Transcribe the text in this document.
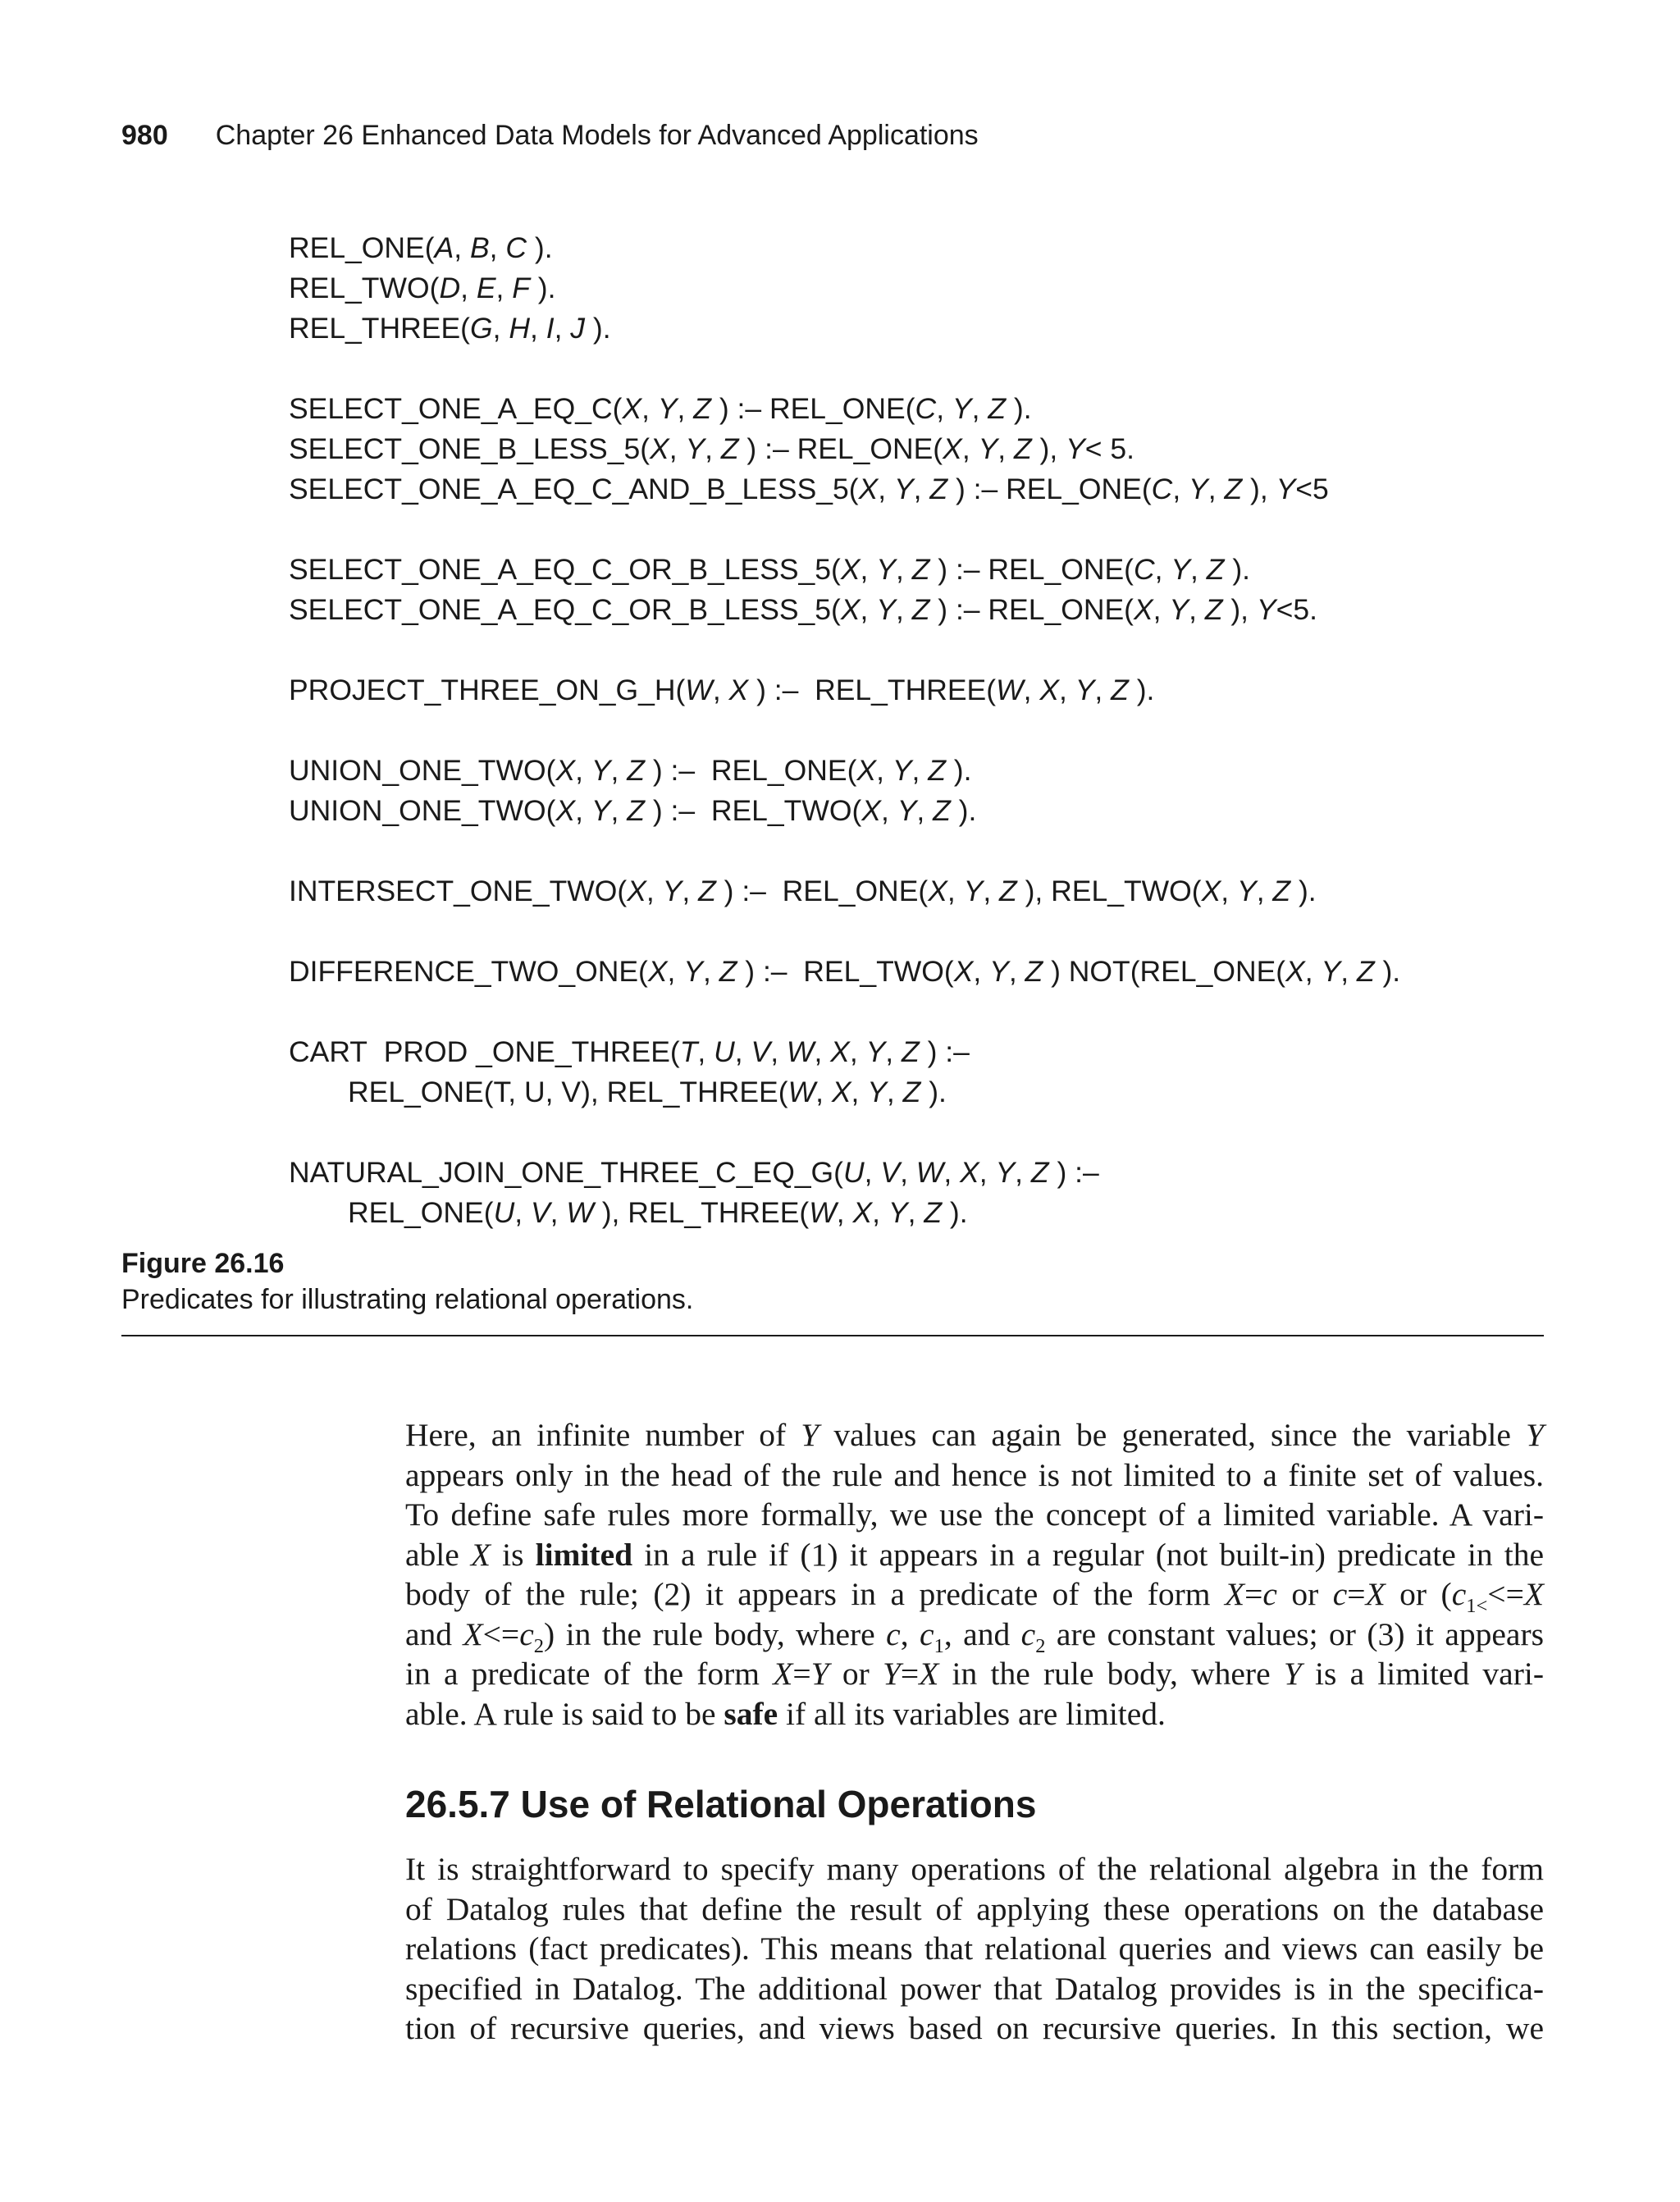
980 Chapter 26 Enhanced Data Models for Advanced Applications
REL_ONE(A, B, C ).
REL_TWO(D, E, F ).
REL_THREE(G, H, I, J ).
SELECT_ONE_A_EQ_C(X, Y, Z ) :– REL_ONE(C, Y, Z ).
SELECT_ONE_B_LESS_5(X, Y, Z ) :– REL_ONE(X, Y, Z ), Y< 5.
SELECT_ONE_A_EQ_C_AND_B_LESS_5(X, Y, Z ) :– REL_ONE(C, Y, Z ), Y<5
SELECT_ONE_A_EQ_C_OR_B_LESS_5(X, Y, Z ) :– REL_ONE(C, Y, Z ).
SELECT_ONE_A_EQ_C_OR_B_LESS_5(X, Y, Z ) :– REL_ONE(X, Y, Z ), Y<5.
PROJECT_THREE_ON_G_H(W, X ) :–  REL_THREE(W, X, Y, Z ).
UNION_ONE_TWO(X, Y, Z ) :–  REL_ONE(X, Y, Z ).
UNION_ONE_TWO(X, Y, Z ) :–  REL_TWO(X, Y, Z ).
INTERSECT_ONE_TWO(X, Y, Z ) :–  REL_ONE(X, Y, Z ), REL_TWO(X, Y, Z ).
DIFFERENCE_TWO_ONE(X, Y, Z ) :–  REL_TWO(X, Y, Z ) NOT(REL_ONE(X, Y, Z ).
CART  PROD _ONE_THREE(T, U, V, W, X, Y, Z ) :–
REL_ONE(T, U, V), REL_THREE(W, X, Y, Z ).
NATURAL_JOIN_ONE_THREE_C_EQ_G(U, V, W, X, Y, Z ) :–
REL_ONE(U, V, W ), REL_THREE(W, X, Y, Z ).
Figure 26.16
Predicates for illustrating relational operations.
Here, an infinite number of Y values can again be generated, since the variable Y
appears only in the head of the rule and hence is not limited to a finite set of values.
To define safe rules more formally, we use the concept of a limited variable. A vari-
able X is limited in a rule if (1) it appears in a regular (not built-in) predicate in the
body of the rule; (2) it appears in a predicate of the form X=c or c=X or ($c_{1<}<=X$
and $X<=c_2$) in the rule body, where c, $c_1$, and $c_2$ are constant values; or (3) it appears
in a predicate of the form X=Y or Y=X in the rule body, where Y is a limited vari-
able. A rule is said to be safe if all its variables are limited.
26.5.7 Use of Relational Operations
It is straightforward to specify many operations of the relational algebra in the form
of Datalog rules that define the result of applying these operations on the database
relations (fact predicates). This means that relational queries and views can easily be
specified in Datalog. The additional power that Datalog provides is in the specifica-
tion of recursive queries, and views based on recursive queries. In this section, we
